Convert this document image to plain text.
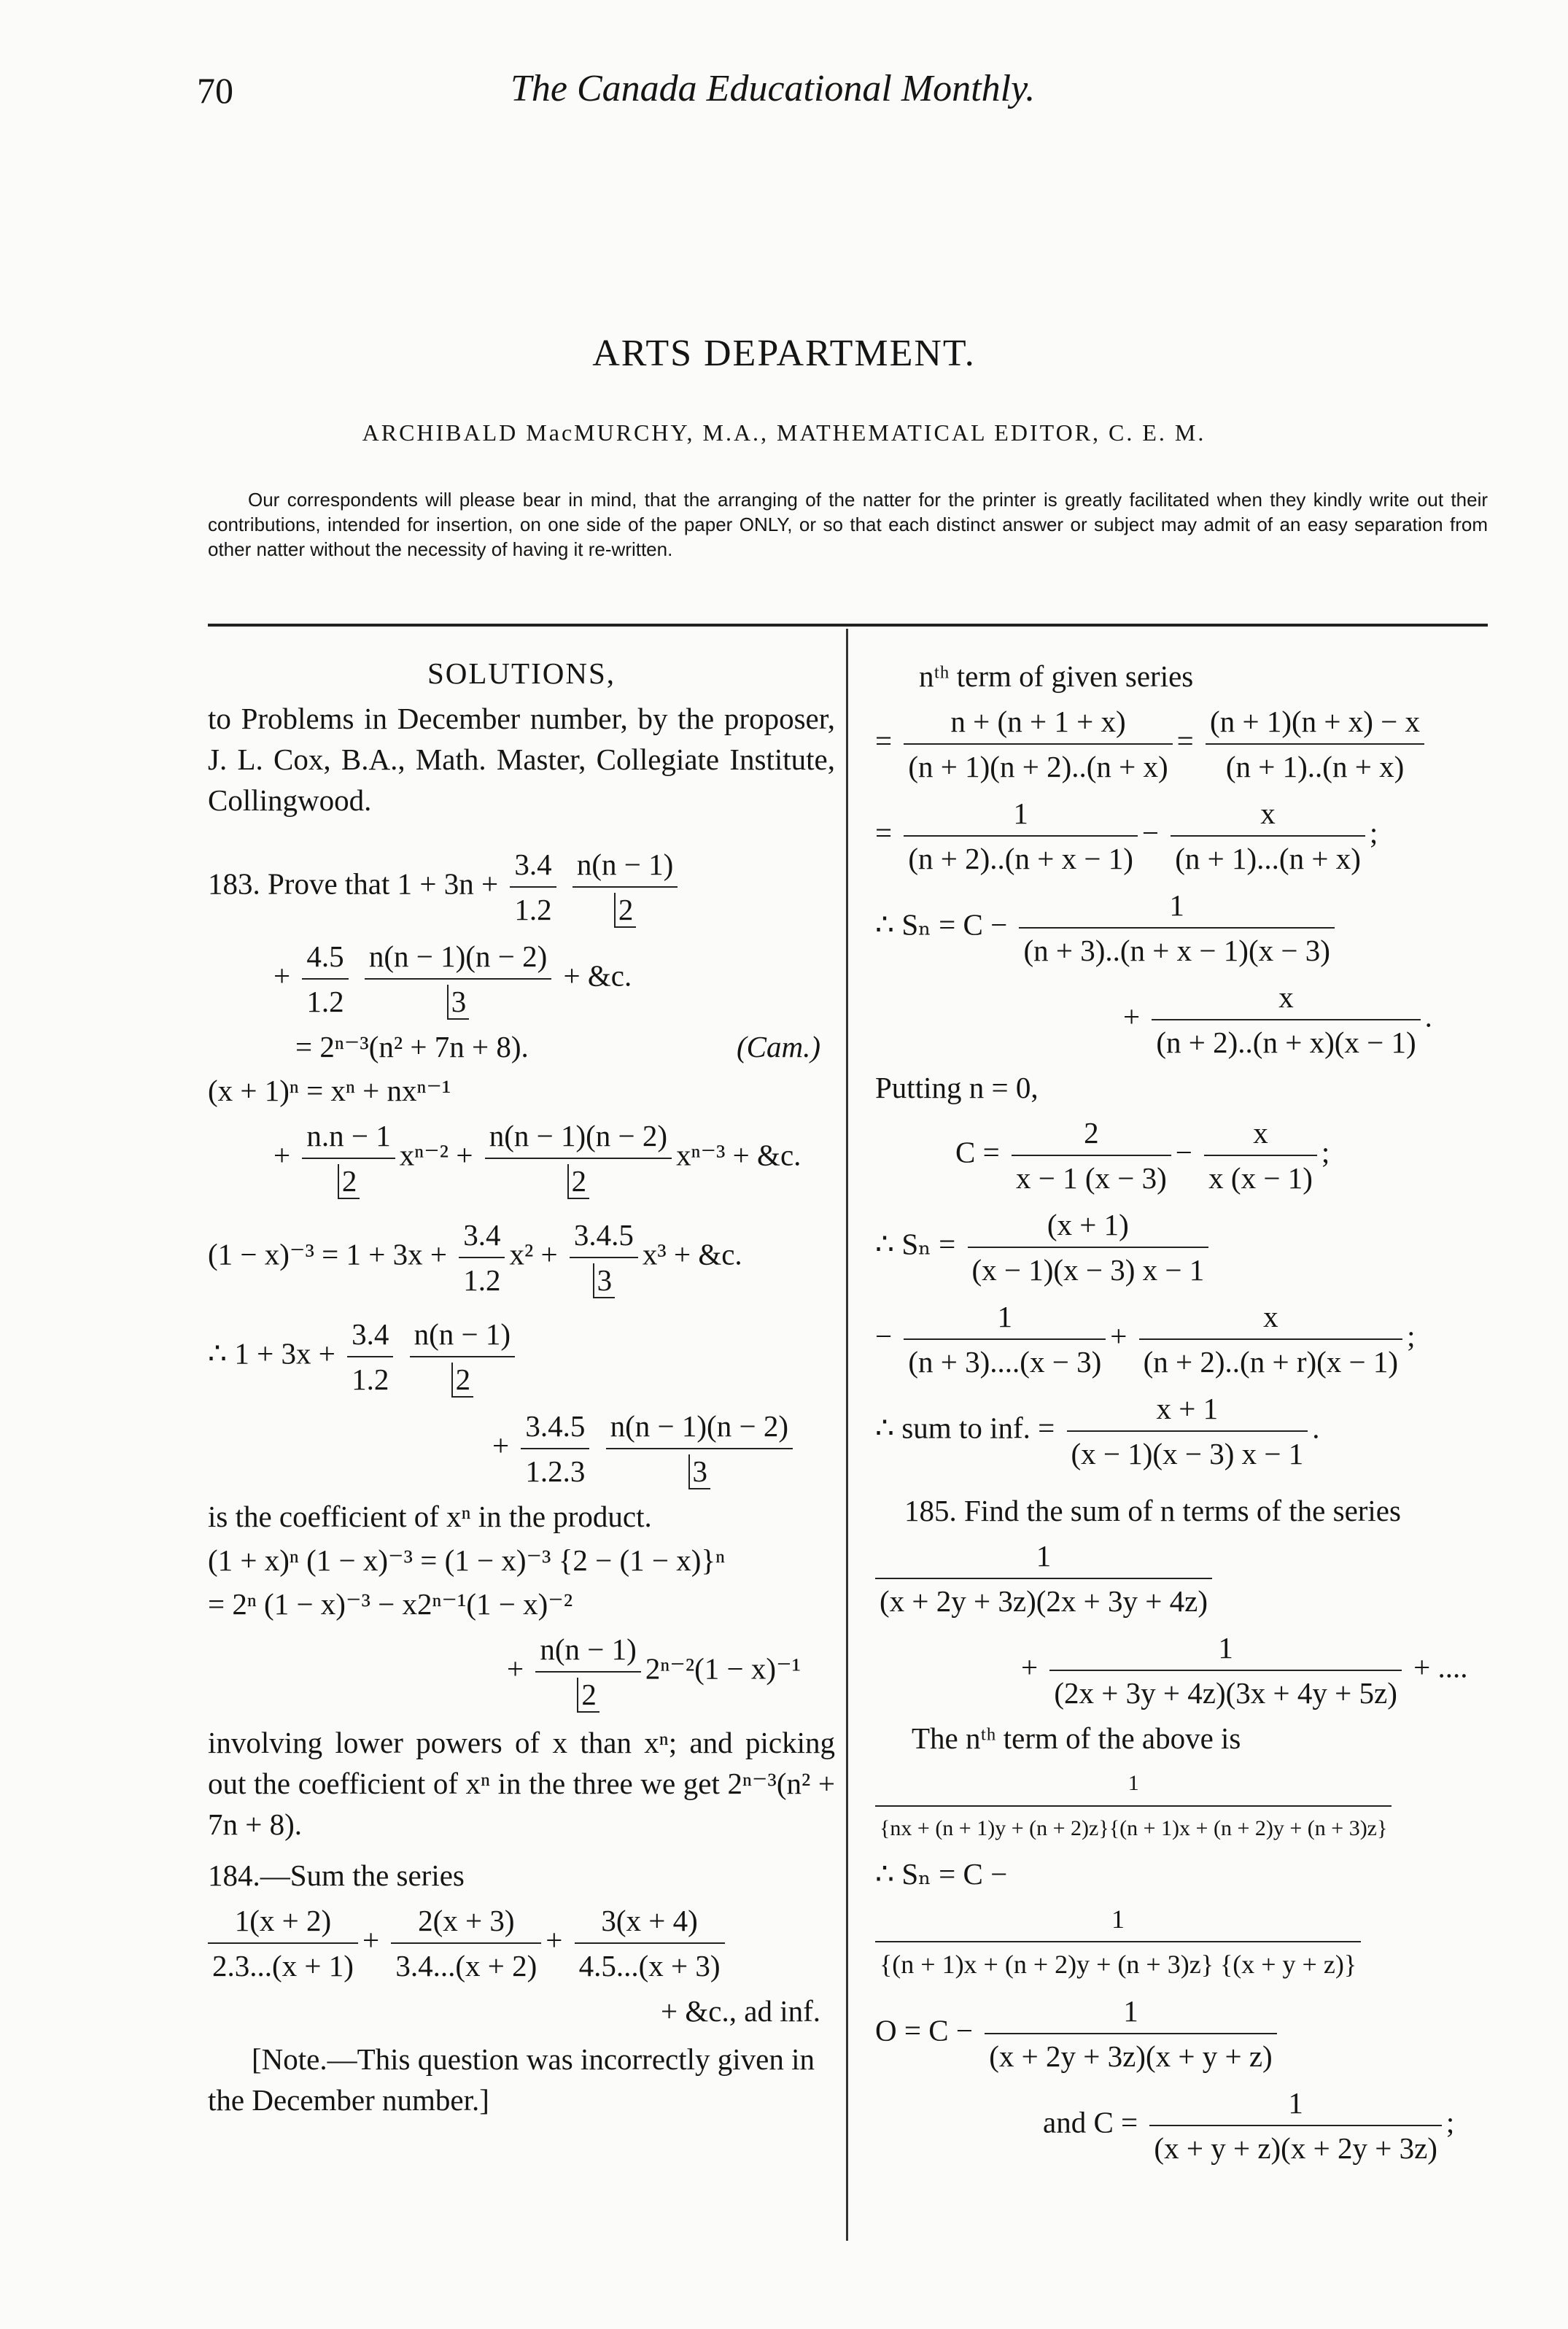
70	The Canada Educational Monthly.
ARTS DEPARTMENT.
ARCHIBALD MacMURCHY, M.A., MATHEMATICAL EDITOR, C. E. M.
Our correspondents will please bear in mind, that the arranging of the natter for the printer is greatly facilitated when they kindly write out their contributions, intended for insertion, on one side of the paper ONLY, or so that each distinct answer or subject may admit of an easy separation from other natter without the necessity of having it re-written.
SOLUTIONS,
to Problems in December number, by the proposer, J. L. Cox, B.A., Math. Master, Collegiate Institute, Collingwood.
183. Prove that $1 + 3n + \frac{3.4}{1.2}$
$\frac{n(n - 1)}{2}$
+ $\frac{4.5}{1.2}$
$\frac{n(n - 1)(n - 2)}{3}$ + &c.
= 2ⁿ⁻³(n² + 7n + 8).	(Cam.)
(x + 1)ⁿ = xⁿ + nxⁿ⁻¹
+ $\frac{n.n - 1}{2} x^{n-2} + \frac{n(n - 1)(n - 2)}{2} x^{n-3}$ + &c.
$(1 - x)^{-3} = 1 + 3x + \frac{3.4}{1.2} x^2 + \frac{3.4.5}{3} x^3$ + &c.
∴ $1 + 3x + \frac{3.4}{1.2}$
$\frac{n(n - 1)}{2}$
+ $\frac{3.4.5}{1.2.3}$
$\frac{n(n - 1)(n - 2)}{3}$
is the coefficient of xⁿ in the product.
(1 + x)ⁿ (1 − x)⁻³ = (1 − x)⁻³ {2 − (1 − x)}ⁿ
= 2ⁿ (1 − x)⁻³ − x2ⁿ⁻¹(1 − x)⁻²
+ $\frac{n(n - 1)}{2} 2^{n-2}(1 - x)^{-1}$
involving lower powers of x than xⁿ; and picking out the coefficient of xⁿ in the three we get 2ⁿ⁻³(n² + 7n + 8).
184.—Sum the series
$\frac{1(x + 2)}{2.3...(x + 1)} + \frac{2(x + 3)}{3.4...(x + 2)} + \frac{3(x + 4)}{4.5...(x + 3)}$
+ &c., ad inf.
[Note.—This question was incorrectly given in the December number.]
nᵗʰ term of given series
= $\frac{n + (n + 1 + x)}{(n + 1)(n + 2)..(n + x)} = \frac{(n + 1)(n + x) - x}{(n + 1)..(n + x)}$
= $\frac{1}{(n + 2)..(n + x - 1)} - \frac{x}{(n + 1)...(n + x)}$ ;
∴ $S_n = C - \frac{1}{(n + 3)..(n + x - 1)(x - 3)}$
+ $\frac{x}{(n + 2)..(n + x)(x - 1)}$ .
Putting n = 0,
$C = \frac{2}{x - 1 (x - 3)} - \frac{x}{x (x - 1)}$ ;
∴ $S_n = \frac{(x + 1)}{(x - 1)(x - 3) x - 1}$
− $\frac{1}{(n + 3)....(x - 3)} + \frac{x}{(n + 2)..(n + r)(x - 1)}$ ;
∴ sum to inf. = $\frac{x + 1}{(x - 1)(x - 3) x - 1}$ .
185. Find the sum of n terms of the series
$\frac{1}{(x + 2y + 3z)(2x + 3y + 4z)}$
+ $\frac{1}{(2x + 3y + 4z)(3x + 4y + 5z)}$ + ....
The nᵗʰ term of the above is
$\frac{1}{\{nx + (n + 1)y + (n + 2)z\}\{(n + 1)x + (n + 2)y + (n + 3)z\}}$
∴ Sₙ = C −
$\frac{1}{\{(n + 1)x + (n + 2)y + (n + 3)z\} \{(x + y + z)\}}$
$O = C - \frac{1}{(x + 2y + 3z)(x + y + z)}$
and $C = \frac{1}{(x + y + z)(x + 2y + 3z)}$ ;
